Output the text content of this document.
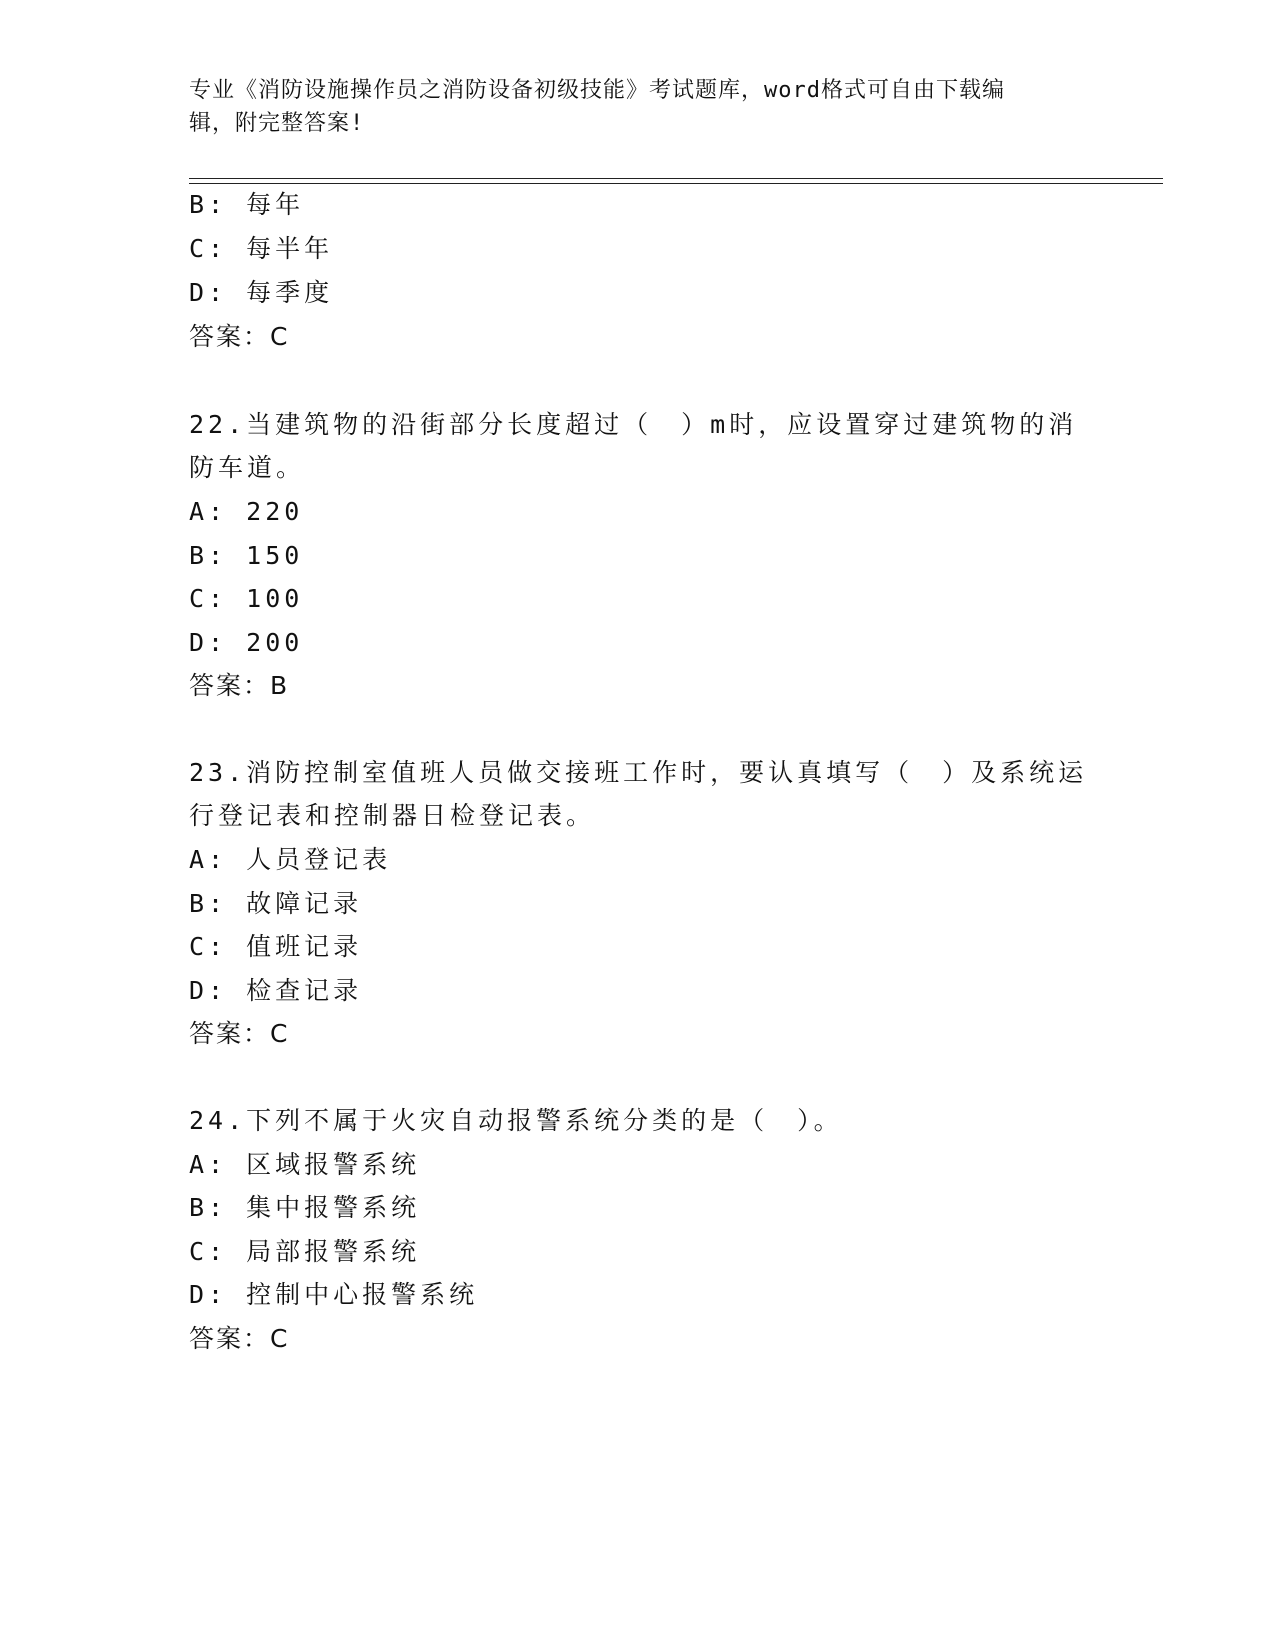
专业《消防设施操作员之消防设备初级技能》考试题库，word格式可自由下载编
辑，附完整答案!
B: 每年
C: 每半年
D: 每季度
答案：C
22.当建筑物的沿街部分长度超过（　）m时，应设置穿过建筑物的消
防车道。
A: 220
B: 150
C: 100
D: 200
答案：B
23.消防控制室值班人员做交接班工作时，要认真填写（　）及系统运
行登记表和控制器日检登记表。
A: 人员登记表
B: 故障记录
C: 值班记录
D: 检查记录
答案：C
24.下列不属于火灾自动报警系统分类的是（　）。
A: 区域报警系统
B: 集中报警系统
C: 局部报警系统
D: 控制中心报警系统
答案：C
